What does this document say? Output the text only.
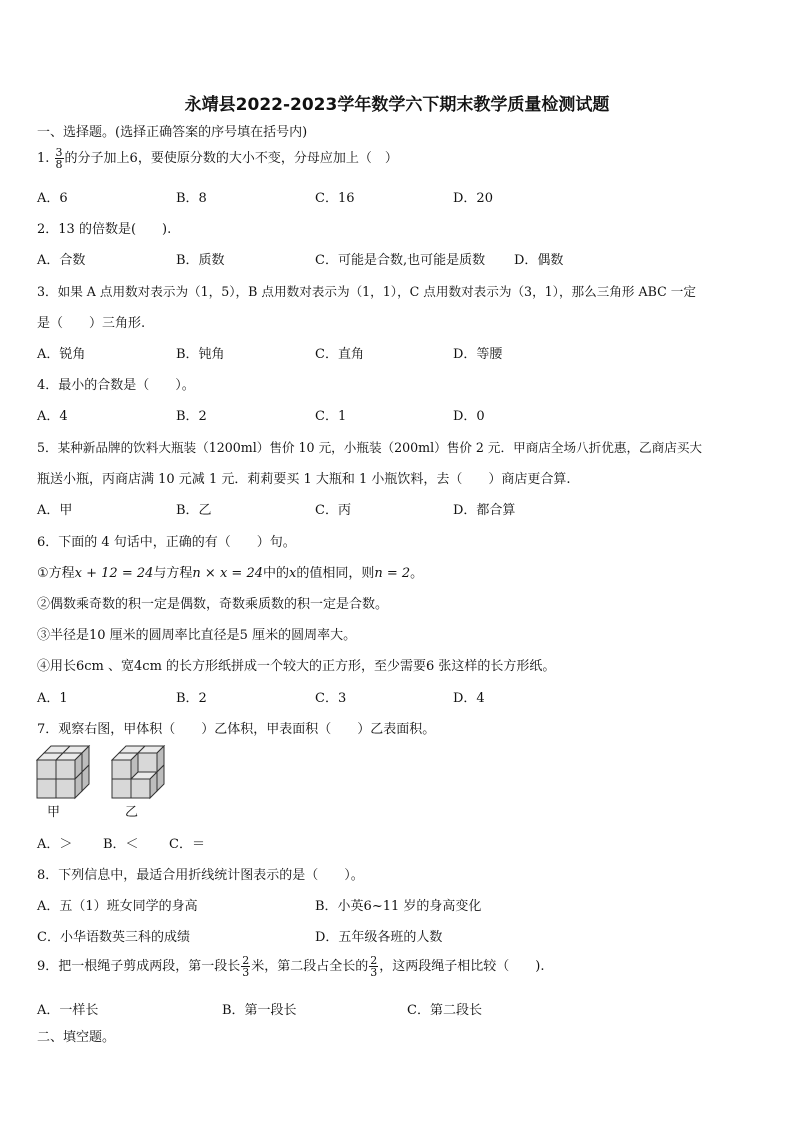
永靖县2022-2023学年数学六下期末教学质量检测试题
一、选择题。(选择正确答案的序号填在括号内)
1. $\frac{3}{8}$ 的分子加上6，要使原分数的大小不变，分母应加上（　）
A．6	B．8	C．16	D．20
2．13 的倍数是(　　).
A．合数	B．质数	C．可能是合数,也可能是质数 D．偶数
3．如果 A 点用数对表示为（1，5），B 点用数对表示为（1，1），C 点用数对表示为（3，1），那么三角形 ABC 一定
是（　　）三角形.
A．锐角	B．钝角	C．直角	D．等腰
4．最小的合数是（　　）。
A．4	B．2	C．1	D．0
5．某种新品牌的饮料大瓶装（1200ml）售价 10 元，小瓶装（200ml）售价 2 元．甲商店全场八折优惠，乙商店买大
瓶送小瓶，丙商店满 10 元减 1 元．莉莉要买 1 大瓶和 1 小瓶饮料，去（　　）商店更合算.
A．甲	B．乙	C．丙	D．都合算
6．下面的 4 句话中，正确的有（　　）句。
①方程x + 12 = 24与方程n × x = 24中的x的值相同，则n = 2。
②偶数乘奇数的积一定是偶数，奇数乘质数的积一定是合数。
③半径是10 厘米的圆周率比直径是5 厘米的圆周率大。
④用长6cm 、宽4cm 的长方形纸拼成一个较大的正方形，至少需要6 张这样的长方形纸。
A．1	B．2	C．3	D．4
7．观察右图，甲体积（　　）乙体积，甲表面积（　　）乙表面积。
甲	乙
A．＞ B．＜ C．＝
8．下列信息中，最适合用折线统计图表示的是（　　）。
A．五（1）班女同学的身高	B．小英6~11 岁的身高变化
C．小华语数英三科的成绩	D．五年级各班的人数
9．把一根绳子剪成两段，第一段长 $\frac{2}{3}$ 米，第二段占全长的 $\frac{2}{3}$ ，这两段绳子相比较（　　).
A．一样长	B．第一段长	C．第二段长
二、填空题。
